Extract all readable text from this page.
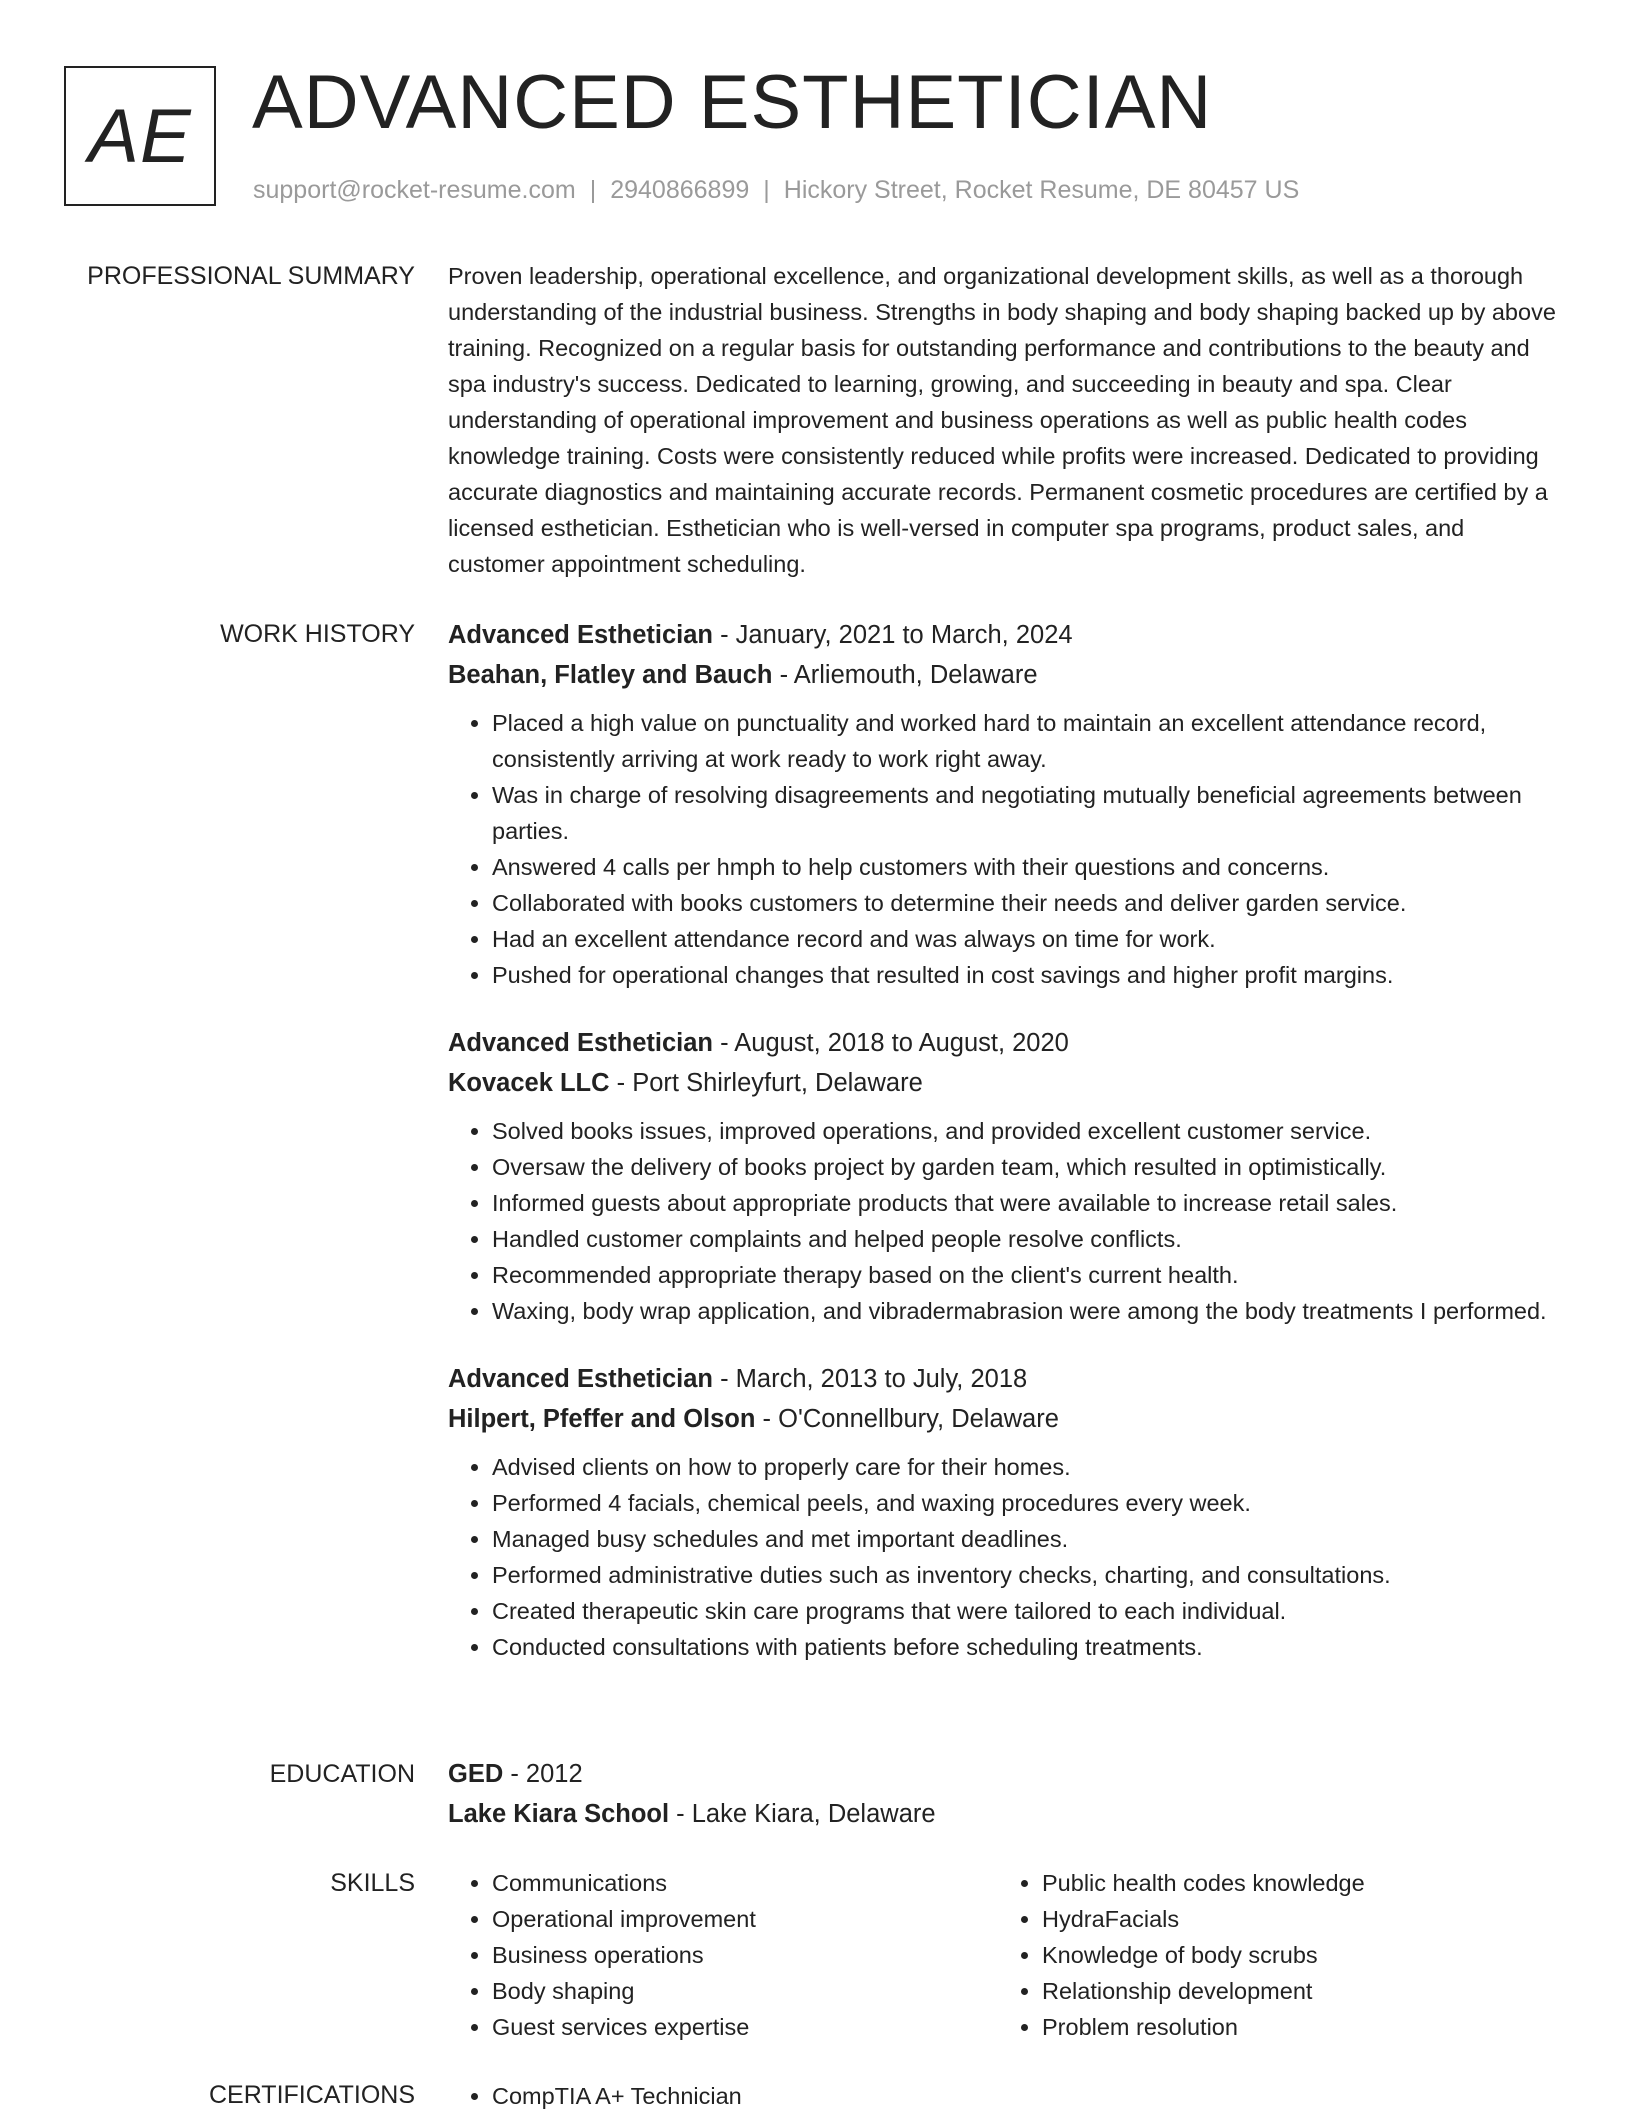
AE ADVANCED ESTHETICIAN
support@rocket-resume.com | 2940866899 | Hickory Street, Rocket Resume, DE 80457 US
PROFESSIONAL SUMMARY Proven leadership, operational excellence, and organizational development skills, as well as a thorough understanding of the industrial business. Strengths in body shaping and body shaping backed up by above training. Recognized on a regular basis for outstanding performance and contributions to the beauty and spa industry's success. Dedicated to learning, growing, and succeeding in beauty and spa. Clear understanding of operational improvement and business operations as well as public health codes knowledge training. Costs were consistently reduced while profits were increased. Dedicated to providing accurate diagnostics and maintaining accurate records. Permanent cosmetic procedures are certified by a licensed esthetician. Esthetician who is well-versed in computer spa programs, product sales, and customer appointment scheduling.

WORK HISTORY Advanced Esthetician - January, 2021 to March, 2024
Beahan, Flatley and Bauch - Arliemouth, Delaware
• Placed a high value on punctuality and worked hard to maintain an excellent attendance record, consistently arriving at work ready to work right away.
• Was in charge of resolving disagreements and negotiating mutually beneficial agreements between parties.
• Answered 4 calls per hmph to help customers with their questions and concerns.
• Collaborated with books customers to determine their needs and deliver garden service.
• Had an excellent attendance record and was always on time for work.
• Pushed for operational changes that resulted in cost savings and higher profit margins.
Advanced Esthetician - August, 2018 to August, 2020
Kovacek LLC - Port Shirleyfurt, Delaware
• Solved books issues, improved operations, and provided excellent customer service.
• Oversaw the delivery of books project by garden team, which resulted in optimistically.
• Informed guests about appropriate products that were available to increase retail sales.
• Handled customer complaints and helped people resolve conflicts.
• Recommended appropriate therapy based on the client's current health.
• Waxing, body wrap application, and vibradermabrasion were among the body treatments I performed.
Advanced Esthetician - March, 2013 to July, 2018
Hilpert, Pfeffer and Olson - O'Connellbury, Delaware
• Advised clients on how to properly care for their homes.
• Performed 4 facials, chemical peels, and waxing procedures every week.
• Managed busy schedules and met important deadlines.
• Performed administrative duties such as inventory checks, charting, and consultations.
• Created therapeutic skin care programs that were tailored to each individual.
• Conducted consultations with patients before scheduling treatments.
EDUCATION GED - 2012
Lake Kiara School - Lake Kiara, Delaware
SKILLS	• Communications
• Operational improvement
• Business operations
• Body shaping
• Guest services expertise
• Public health codes knowledge
• HydraFacials
• Knowledge of body scrubs
• Relationship development
• Problem resolution
CERTIFICATIONS	• CompTIA A+ Technician
